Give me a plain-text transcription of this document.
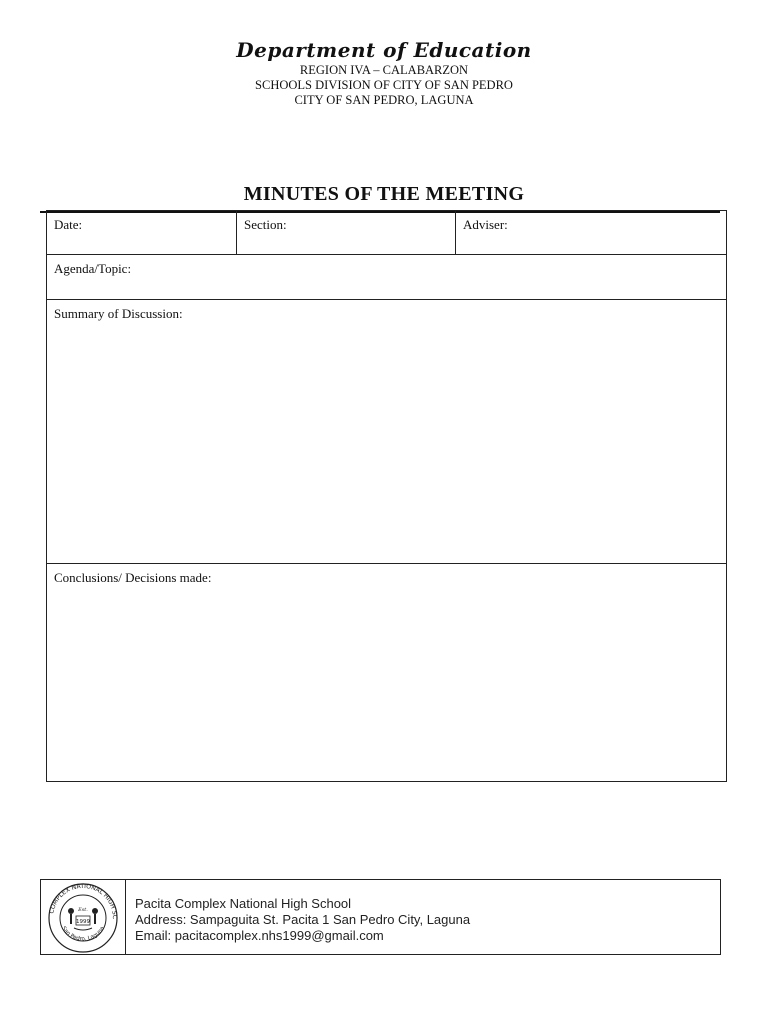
Department of Education
REGION IVA – CALABARZON
SCHOOLS DIVISION OF CITY OF SAN PEDRO
CITY OF SAN PEDRO, LAGUNA
MINUTES OF THE MEETING
Date:	Section:	Adviser:
Agenda/Topic:
Summary of Discussion:
Conclusions/ Decisions made:
COMPLEX NATIONAL HIGH SC
San Pedro, Laguna
1999
Est.	Pacita Complex National High School
Address: Sampaguita St. Pacita 1 San Pedro City, Laguna
Email: pacitacomplex.nhs1999@gmail.com
